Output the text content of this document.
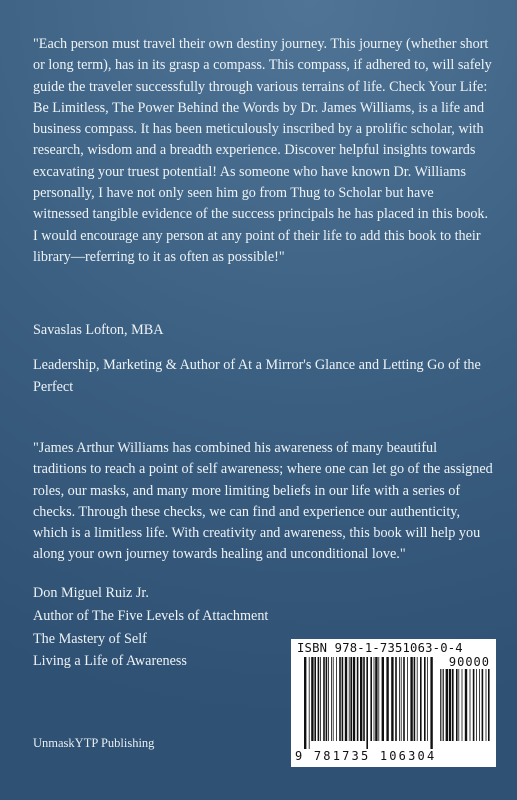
"Each person must travel their own destiny journey. This journey (whether short or long term), has in its grasp a compass. This compass, if adhered to, will safely guide the traveler successfully through various terrains of life. Check Your Life: Be Limitless, The Power Behind the Words by Dr. James Williams, is a life and business compass. It has been meticulously inscribed by a prolific scholar, with research, wisdom and a breadth experience. Discover helpful insights towards excavating your truest potential! As someone who have known Dr. Williams personally, I have not only seen him go from Thug to Scholar but have witnessed tangible evidence of the success principals he has placed in this book. I would encourage any person at any point of their life to add this book to their library—referring to it as often as possible!"

Savaslas Lofton, MBA

Leadership, Marketing & Author of At a Mirror's Glance and Letting Go of the Perfect

"James Arthur Williams has combined his awareness of many beautiful traditions to reach a point of self awareness; where one can let go of the assigned roles, our masks, and many more limiting beliefs in our life with a series of checks. Through these checks, we can find and experience our authenticity, which is a limitless life. With creativity and awareness, this book will help you along your own journey towards healing and unconditional love."

Don Miguel Ruiz Jr.

Author of The Five Levels of Attachment

The Mastery of Self

Living a Life of Awareness

UnmaskYTP Publishing

ISBN 978-1-7351063-0-4
90000
9 781735 106304
